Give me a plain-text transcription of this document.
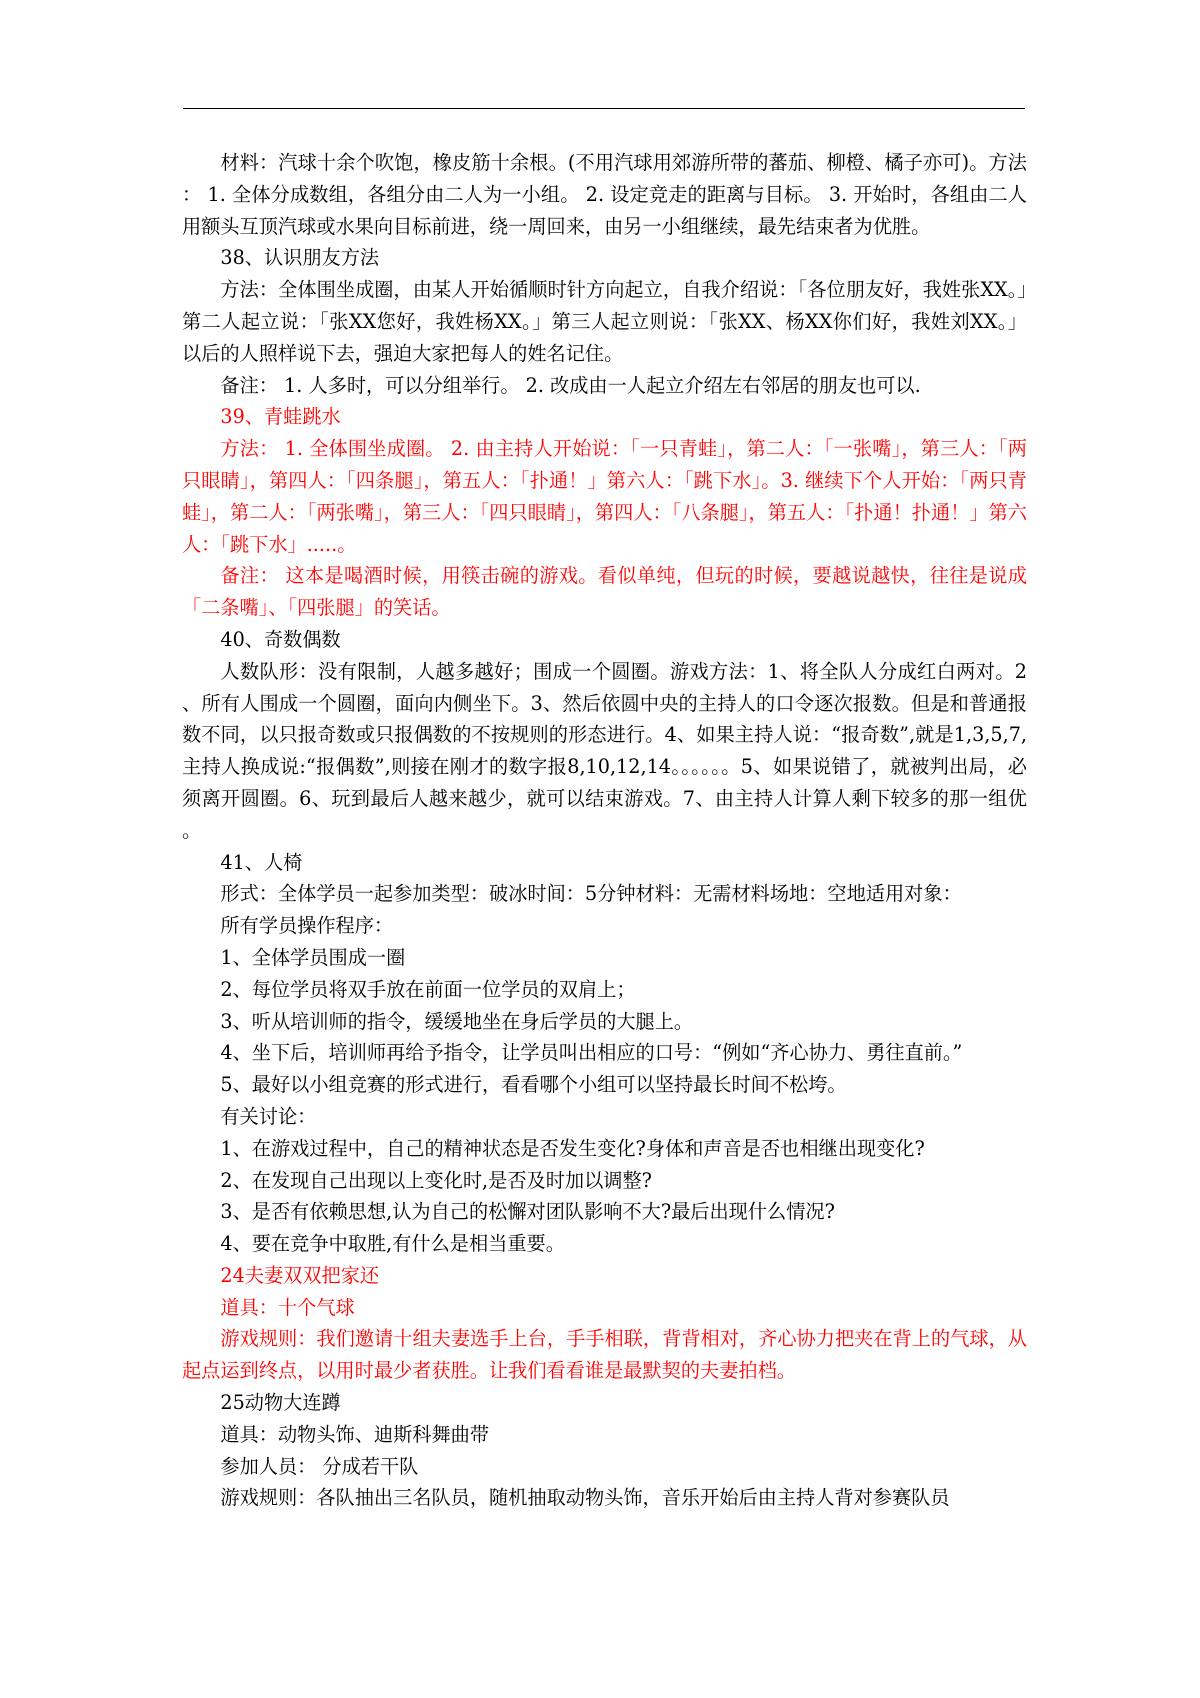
材料：汽球十余个吹饱，橡皮筋十余根。(不用汽球用郊游所带的蕃茄、柳橙、橘子亦可)。方法： 1. 全体分成数组，各组分由二人为一小组。 2. 设定竞走的距离与目标。 3. 开始时，各组由二人用额头互顶汽球或水果向目标前进，绕一周回来，由另一小组继续，最先结束者为优胜。

38、认识朋友方法

方法：全体围坐成圈，由某人开始循顺时针方向起立，自我介绍说：「各位朋友好，我姓张XX。」第二人起立说：「张XX您好，我姓杨XX。」第三人起立则说：「张XX、杨XX你们好，我姓刘XX。」以后的人照样说下去，强迫大家把每人的姓名记住。

备注： 1. 人多时，可以分组举行。 2. 改成由一人起立介绍左右邻居的朋友也可以.

39、青蛙跳水

方法： 1. 全体围坐成圈。 2. 由主持人开始说：「一只青蛙」，第二人：「一张嘴」，第三人：「两只眼睛」，第四人：「四条腿」，第五人：「扑通！」第六人：「跳下水」。3. 继续下个人开始：「两只青蛙」，第二人：「两张嘴」，第三人：「四只眼睛」，第四人：「八条腿」，第五人：「扑通！扑通！」第六人：「跳下水」.....。

备注： 这本是喝酒时候，用筷击碗的游戏。看似单纯，但玩的时候，要越说越快，往往是说成「二条嘴」、「四张腿」的笑话。

40、奇数偶数

人数队形：没有限制，人越多越好；围成一个圆圈。游戏方法：1、将全队人分成红白两对。2、所有人围成一个圆圈，面向内侧坐下。3、然后依圆中央的主持人的口令逐次报数。但是和普通报数不同，以只报奇数或只报偶数的不按规则的形态进行。4、如果主持人说：“报奇数”,就是1,3,5,7,主持人换成说:“报偶数”,则接在刚才的数字报8,10,12,14。。。。。。5、如果说错了，就被判出局，必须离开圆圈。6、玩到最后人越来越少，就可以结束游戏。7、由主持人计算人剩下较多的那一组优。

41、人椅

形式：全体学员一起参加类型：破冰时间：5分钟材料：无需材料场地：空地适用对象：

所有学员操作程序：

1、全体学员围成一圈

2、每位学员将双手放在前面一位学员的双肩上；

3、听从培训师的指令，缓缓地坐在身后学员的大腿上。

4、坐下后，培训师再给予指令，让学员叫出相应的口号：“例如“齐心协力、勇往直前。”

5、最好以小组竞赛的形式进行，看看哪个小组可以坚持最长时间不松垮。

有关讨论：

1、在游戏过程中，自己的精神状态是否发生变化?身体和声音是否也相继出现变化?

2、在发现自己出现以上变化时,是否及时加以调整?

3、是否有依赖思想,认为自己的松懈对团队影响不大?最后出现什么情况?

4、要在竞争中取胜,有什么是相当重要。

24夫妻双双把家还

道具：十个气球

游戏规则：我们邀请十组夫妻选手上台，手手相联，背背相对，齐心协力把夹在背上的气球，从起点运到终点，以用时最少者获胜。让我们看看谁是最默契的夫妻拍档。

25动物大连蹲

道具：动物头饰、迪斯科舞曲带

参加人员： 分成若干队

游戏规则：各队抽出三名队员，随机抽取动物头饰，音乐开始后由主持人背对参赛队员
